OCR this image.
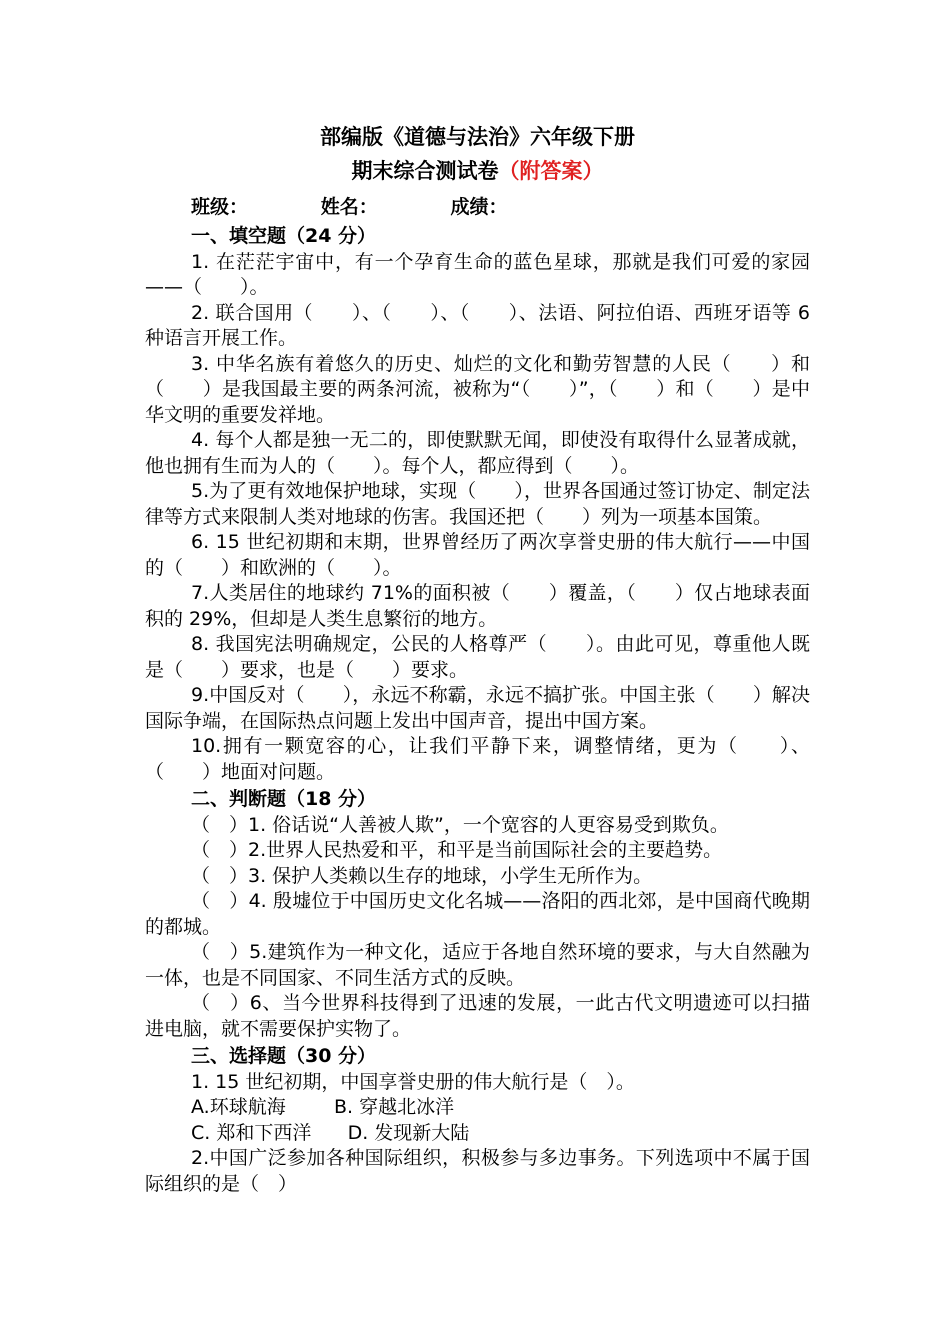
部编版《道德与法治》六年级下册
期末综合测试卷（附答案）
班级：           姓名：           成绩：
一、填空题（24 分）
1. 在茫茫宇宙中，有一个孕育生命的蓝色星球，那就是我们可爱的家园——（　　）。
2. 联合国用（　　）、（　　）、（　　）、法语、阿拉伯语、西班牙语等 6 种语言开展工作。
3. 中华名族有着悠久的历史、灿烂的文化和勤劳智慧的人民（　　）和（　　）是我国最主要的两条河流，被称为“（　　）”，（　　）和（　　）是中华文明的重要发祥地。
4. 每个人都是独一无二的，即使默默无闻，即使没有取得什么显著成就，他也拥有生而为人的（　　）。每个人，都应得到（　　）。
5.为了更有效地保护地球，实现（　　），世界各国通过签订协定、制定法律等方式来限制人类对地球的伤害。我国还把（　　）列为一项基本国策。
6. 15 世纪初期和末期，世界曾经历了两次享誉史册的伟大航行——中国的（　　）和欧洲的（　　）。
7.人类居住的地球约 71%的面积被（　　）覆盖，（　　）仅占地球表面积的 29%，但却是人类生息繁衍的地方。
8. 我国宪法明确规定，公民的人格尊严（　　）。由此可见，尊重他人既是（　　）要求，也是（　　）要求。
9.中国反对（　　），永远不称霸，永远不搞扩张。中国主张（　　）解决国际争端，在国际热点问题上发出中国声音，提出中国方案。
10.拥有一颗宽容的心，让我们平静下来，调整情绪，更为（　　）、（　　）地面对问题。
二、判断题（18 分）
（　）1. 俗话说“人善被人欺”，一个宽容的人更容易受到欺负。
（　）2.世界人民热爱和平，和平是当前国际社会的主要趋势。
（　）3. 保护人类赖以生存的地球，小学生无所作为。
（　）4. 殷墟位于中国历史文化名城——洛阳的西北郊，是中国商代晚期的都城。
（　）5.建筑作为一种文化，适应于各地自然环境的要求，与大自然融为一体，也是不同国家、不同生活方式的反映。
（　）6、当今世界科技得到了迅速的发展，一此古代文明遗迹可以扫描进电脑，就不需要保护实物了。
三、选择题（30 分）
1. 15 世纪初期，中国享誉史册的伟大航行是（　）。
A.环球航海        B. 穿越北冰洋
C. 郑和下西洋      D. 发现新大陆
2.中国广泛参加各种国际组织，积极参与多边事务。下列选项中不属于国际组织的是（　）
